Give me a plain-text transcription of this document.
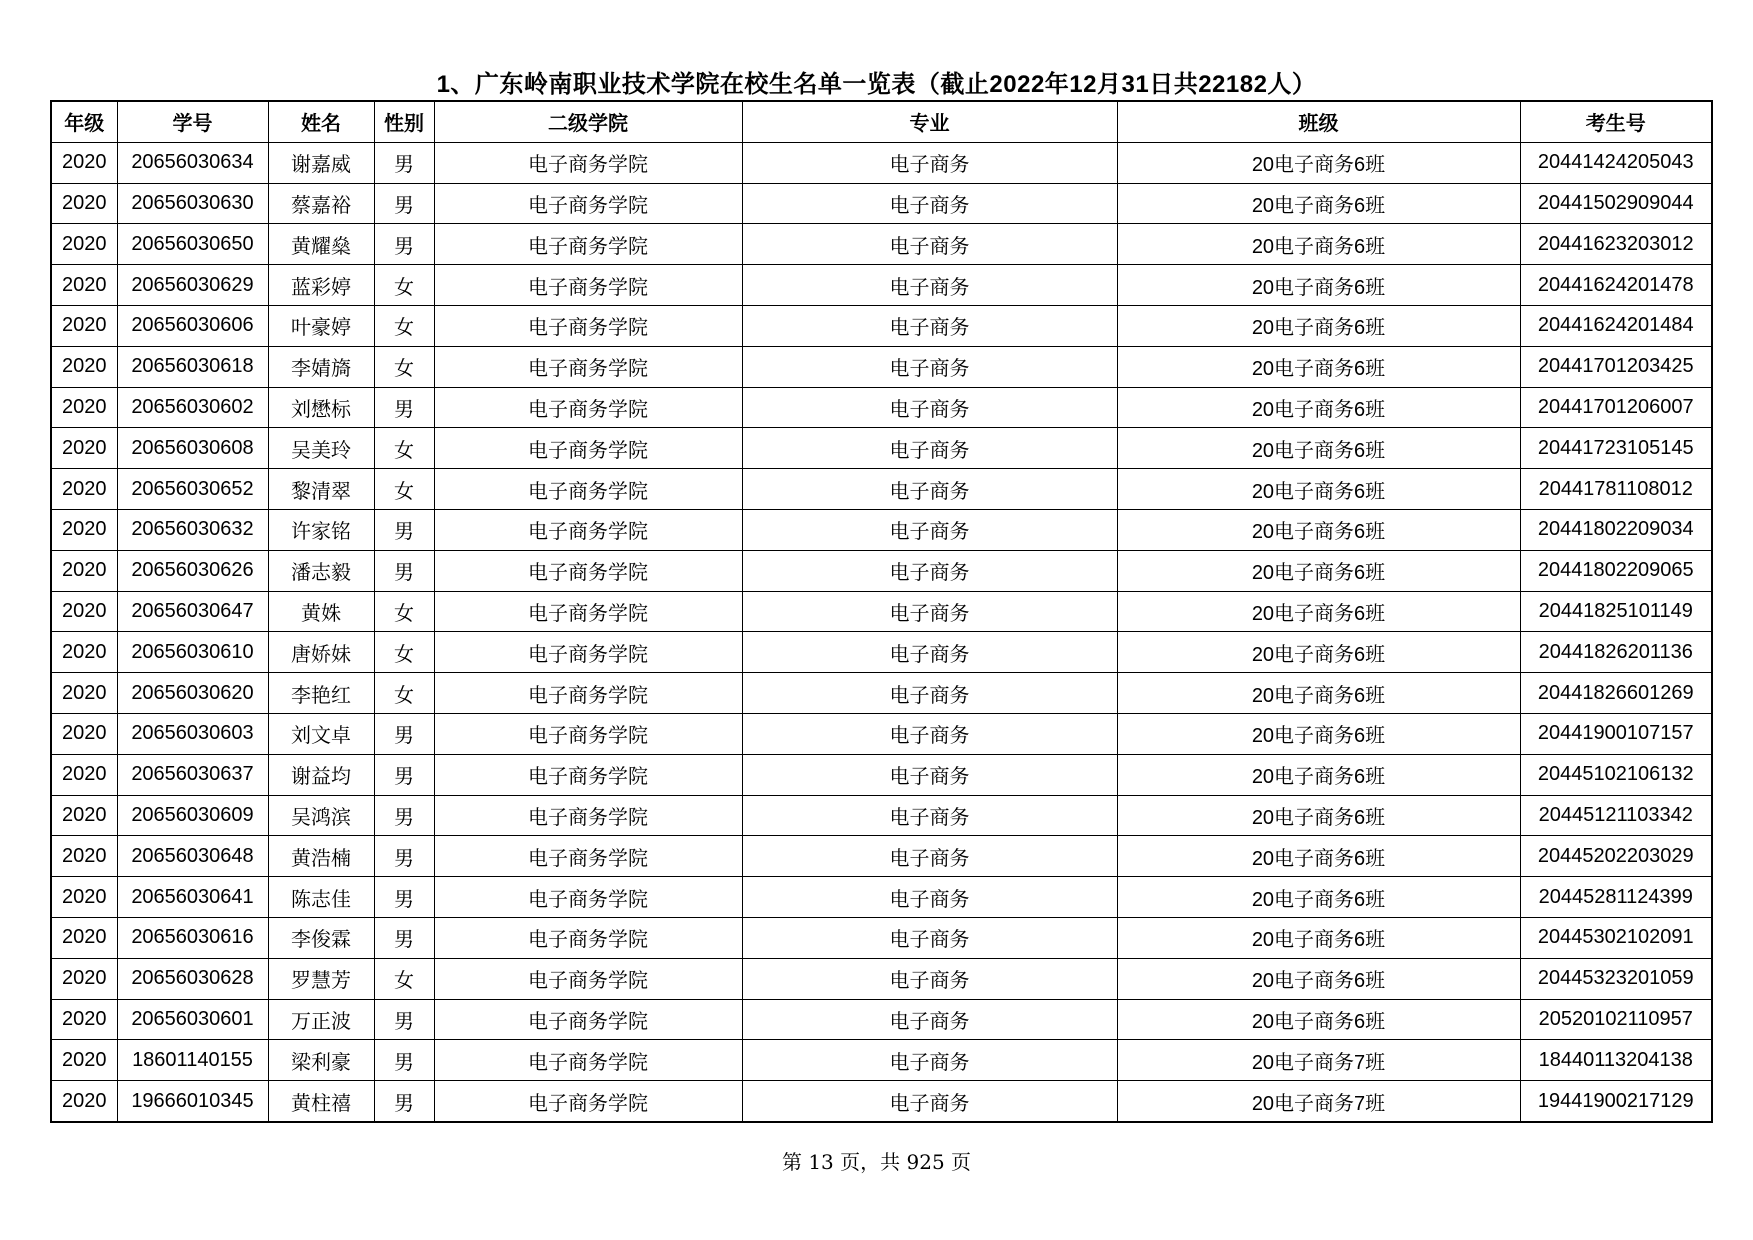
1、广东岭南职业技术学院在校生名单一览表（截止2022年12月31日共22182人）
年级	学号	姓名	性别	二级学院	专业	班级	考生号
2020	20656030634	谢嘉威	男	电子商务学院	电子商务	20电子商务6班	20441424205043
2020	20656030630	蔡嘉裕	男	电子商务学院	电子商务	20电子商务6班	20441502909044
2020	20656030650	黄耀燊	男	电子商务学院	电子商务	20电子商务6班	20441623203012
2020	20656030629	蓝彩婷	女	电子商务学院	电子商务	20电子商务6班	20441624201478
2020	20656030606	叶豪婷	女	电子商务学院	电子商务	20电子商务6班	20441624201484
2020	20656030618	李婧旖	女	电子商务学院	电子商务	20电子商务6班	20441701203425
2020	20656030602	刘懋标	男	电子商务学院	电子商务	20电子商务6班	20441701206007
2020	20656030608	吴美玲	女	电子商务学院	电子商务	20电子商务6班	20441723105145
2020	20656030652	黎清翠	女	电子商务学院	电子商务	20电子商务6班	20441781108012
2020	20656030632	许家铭	男	电子商务学院	电子商务	20电子商务6班	20441802209034
2020	20656030626	潘志毅	男	电子商务学院	电子商务	20电子商务6班	20441802209065
2020	20656030647	黄姝	女	电子商务学院	电子商务	20电子商务6班	20441825101149
2020	20656030610	唐娇妹	女	电子商务学院	电子商务	20电子商务6班	20441826201136
2020	20656030620	李艳红	女	电子商务学院	电子商务	20电子商务6班	20441826601269
2020	20656030603	刘文卓	男	电子商务学院	电子商务	20电子商务6班	20441900107157
2020	20656030637	谢益均	男	电子商务学院	电子商务	20电子商务6班	20445102106132
2020	20656030609	吴鸿滨	男	电子商务学院	电子商务	20电子商务6班	20445121103342
2020	20656030648	黄浩楠	男	电子商务学院	电子商务	20电子商务6班	20445202203029
2020	20656030641	陈志佳	男	电子商务学院	电子商务	20电子商务6班	20445281124399
2020	20656030616	李俊霖	男	电子商务学院	电子商务	20电子商务6班	20445302102091
2020	20656030628	罗慧芳	女	电子商务学院	电子商务	20电子商务6班	20445323201059
2020	20656030601	万正波	男	电子商务学院	电子商务	20电子商务6班	20520102110957
2020	18601140155	梁利豪	男	电子商务学院	电子商务	20电子商务7班	18440113204138
2020	19666010345	黄柱禧	男	电子商务学院	电子商务	20电子商务7班	19441900217129
第 13 页，共 925 页
